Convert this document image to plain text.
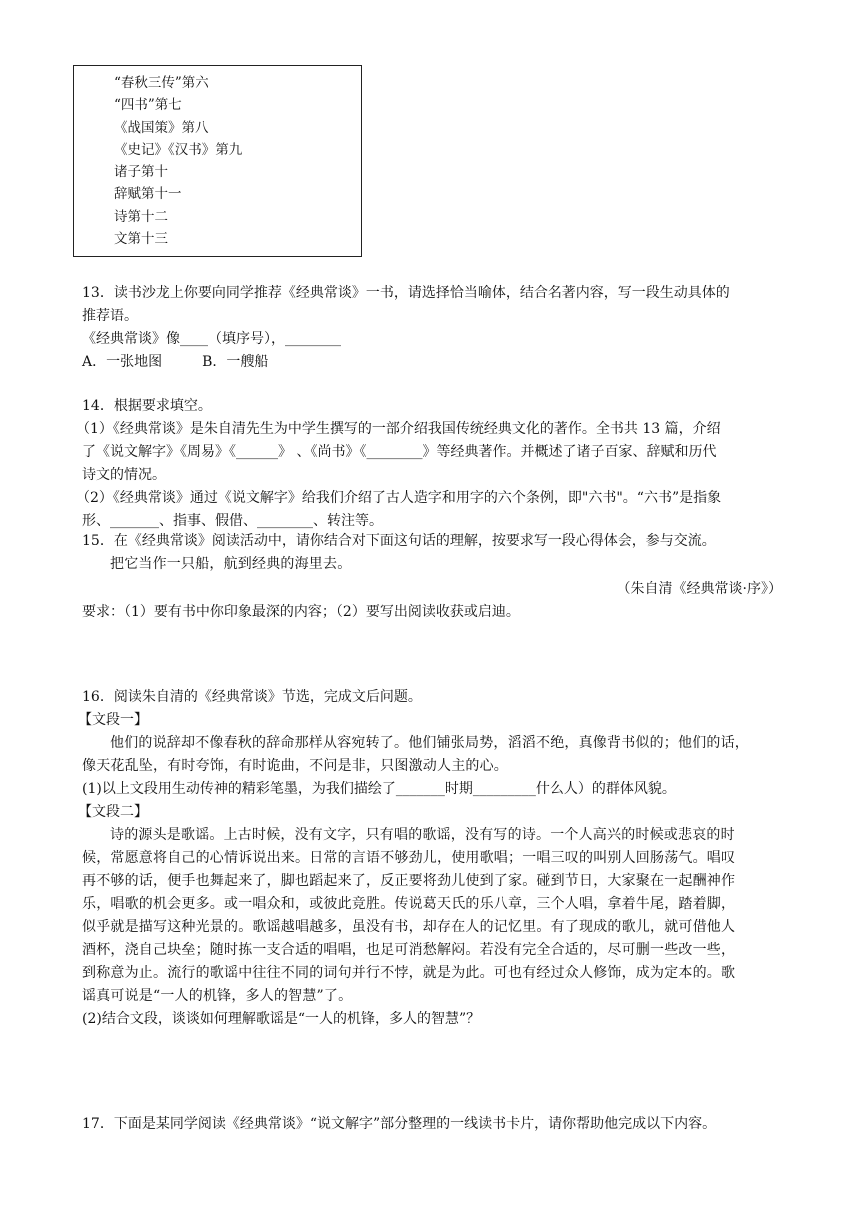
“春秋三传”第六
“四书”第七
《战国策》第八
《史记》《汉书》第九
诸子第十
辞赋第十一
诗第十二
文第十三
13．读书沙龙上你要向同学推荐《经典常谈》一书，请选择恰当喻体，结合名著内容，写一段生动具体的
推荐语。
《经典常谈》像____（填序号），________
A．一张地图	B．一艘船
14．根据要求填空。
（1）《经典常谈》是朱自清先生为中学生撰写的一部介绍我国传统经典文化的著作。全书共 13 篇，介绍
了《说文解字》《周易》《______》 、《尚书》《________》等经典著作。并概述了诸子百家、辞赋和历代
诗文的情况。
（2）《经典常谈》通过《说文解字》给我们介绍了古人造字和用字的六个条例，即"六书"。“六书”是指象
形、_______、指事、假借、________、转注等。
15．在《经典常谈》阅读活动中，请你结合对下面这句话的理解，按要求写一段心得体会，参与交流。
把它当作一只船，航到经典的海里去。
（朱自清《经典常谈·序》）
要求：（1）要有书中你印象最深的内容；（2）要写出阅读收获或启迪。
16．阅读朱自清的《经典常谈》节选，完成文后问题。
【文段一】
他们的说辞却不像春秋的辞命那样从容宛转了。他们铺张局势，滔滔不绝，真像背书似的；他们的话，
像天花乱坠，有时夸饰，有时诡曲，不问是非，只图激动人主的心。
(1)以上文段用生动传神的精彩笔墨，为我们描绘了_______时期_________什么人）的群体风貌。
【文段二】
诗的源头是歌谣。上古时候，没有文字，只有唱的歌谣，没有写的诗。一个人高兴的时候或悲哀的时
候，常愿意将自己的心情诉说出来。日常的言语不够劲儿，使用歌唱；一唱三叹的叫别人回肠荡气。唱叹
再不够的话，便手也舞起来了，脚也蹈起来了，反正要将劲儿使到了家。碰到节日，大家聚在一起酬神作
乐，唱歌的机会更多。或一唱众和，或彼此竞胜。传说葛天氏的乐八章，三个人唱，拿着牛尾，踏着脚，
似乎就是描写这种光景的。歌谣越唱越多，虽没有书，却存在人的记忆里。有了现成的歌儿，就可借他人
酒杯，浇自己块垒；随时拣一支合适的唱唱，也足可消愁解闷。若没有完全合适的，尽可删一些改一些，
到称意为止。流行的歌谣中往往不同的词句并行不悖，就是为此。可也有经过众人修饰，成为定本的。歌
谣真可说是“一人的机锋，多人的智慧”了。
(2)结合文段，谈谈如何理解歌谣是“一人的机锋，多人的智慧”？
17．下面是某同学阅读《经典常谈》“说文解字”部分整理的一线读书卡片，请你帮助他完成以下内容。
